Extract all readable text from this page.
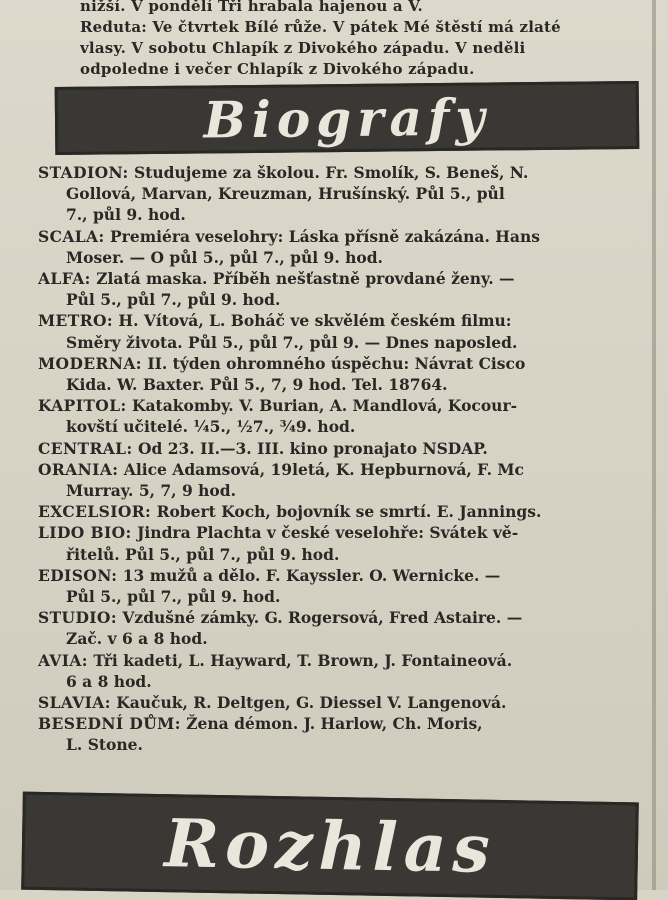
nižší. V pondělí Tři hrabala hajenou a V.
Reduta: Ve čtvrtek Bílé růže. V pátek Mé štěstí má zlaté
vlasy. V sobotu Chlapík z Divokého západu. V neděli
odpoledne i večer Chlapík z Divokého západu.
Biografy
STADION: Studujeme za školou. Fr. Smolík, S. Beneš, N.
Gollová, Marvan, Kreuzman, Hrušínský. Půl 5., půl
7., půl 9. hod.
SCALA: Premiéra veselohry: Láska přísně zakázána. Hans
Moser. — O půl 5., půl 7., půl 9. hod.
ALFA: Zlatá maska. Příběh nešťastně provdané ženy. —
Půl 5., půl 7., půl 9. hod.
METRO: H. Vítová, L. Boháč ve skvělém českém filmu:
Směry života. Půl 5., půl 7., půl 9. — Dnes naposled.
MODERNA: II. týden ohromného úspěchu: Návrat Cisco
Kida. W. Baxter. Půl 5., 7, 9 hod. Tel. 18764.
KAPITOL: Katakomby. V. Burian, A. Mandlová, Kocour-
kovští učitelé. ¼5., ½7., ¾9. hod.
CENTRAL: Od 23. II.—3. III. kino pronajato NSDAP.
ORANIA: Alice Adamsová, 19letá, K. Hepburnová, F. Mc
Murray. 5, 7, 9 hod.
EXCELSIOR: Robert Koch, bojovník se smrtí. E. Jannings.
LIDO BIO: Jindra Plachta v české veselohře: Svátek vě-
řitelů. Půl 5., půl 7., půl 9. hod.
EDISON: 13 mužů a dělo. F. Kayssler. O. Wernicke. —
Půl 5., půl 7., půl 9. hod.
STUDIO: Vzdušné zámky. G. Rogersová, Fred Astaire. —
Zač. v 6 a 8 hod.
AVIA: Tři kadeti, L. Hayward, T. Brown, J. Fontaineová.
6 a 8 hod.
SLAVIA: Kaučuk, R. Deltgen, G. Diessel V. Langenová.
BESEDNÍ DŮM: Žena démon. J. Harlow, Ch. Moris,
L. Stone.
Rozhlas
